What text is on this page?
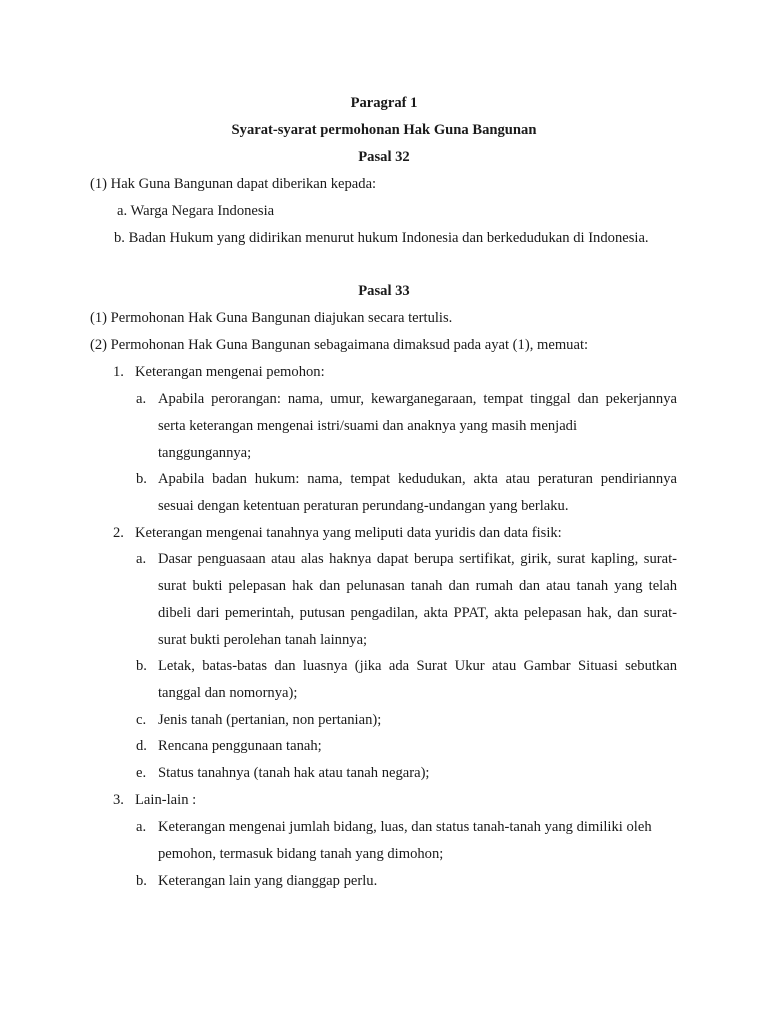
Paragraf 1
Syarat-syarat permohonan Hak Guna Bangunan
Pasal 32
(1) Hak Guna Bangunan dapat diberikan kepada:
a. Warga Negara Indonesia
b. Badan Hukum yang didirikan menurut hukum Indonesia dan berkedudukan di Indonesia.
Pasal 33
(1) Permohonan Hak Guna Bangunan diajukan secara tertulis.
(2) Permohonan Hak Guna Bangunan sebagaimana dimaksud pada ayat (1), memuat:
1. Keterangan mengenai pemohon:
a. Apabila perorangan: nama, umur, kewarganegaraan, tempat tinggal dan pekerjannya
serta keterangan mengenai istri/suami dan anaknya yang masih menjadi
tanggungannya;
b. Apabila badan hukum: nama, tempat kedudukan, akta atau peraturan pendiriannya
sesuai dengan ketentuan peraturan perundang-undangan yang berlaku.
2. Keterangan mengenai tanahnya yang meliputi data yuridis dan data fisik:
a. Dasar penguasaan atau alas haknya dapat berupa sertifikat, girik, surat kapling, surat-
surat bukti pelepasan hak dan pelunasan tanah dan rumah dan atau tanah yang telah
dibeli dari pemerintah, putusan pengadilan, akta PPAT, akta pelepasan hak, dan surat-
surat bukti perolehan tanah lainnya;
b. Letak, batas-batas dan luasnya (jika ada Surat Ukur atau Gambar Situasi sebutkan
tanggal dan nomornya);
c. Jenis tanah (pertanian, non pertanian);
d. Rencana penggunaan tanah;
e. Status tanahnya (tanah hak atau tanah negara);
3. Lain-lain :
a. Keterangan mengenai jumlah bidang, luas, dan status tanah-tanah yang dimiliki oleh
pemohon, termasuk bidang tanah yang dimohon;
b. Keterangan lain yang dianggap perlu.
